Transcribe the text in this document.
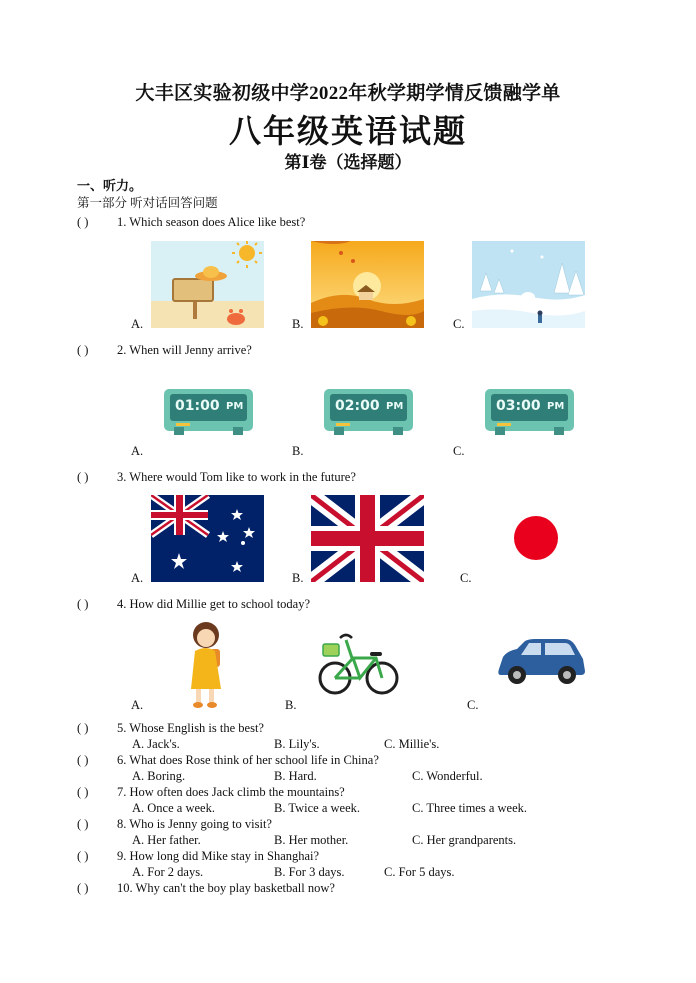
大丰区实验初级中学2022年秋学期学情反馈融学单
八年级英语试题
第Ⅰ卷（选择题）
一、听力。
第一部分 听对话回答问题
( ) 1. Which season does Alice like best?
A.	B.	C.
( ) 2. When will Jenny arrive?
01:00 PM	02:00 PM	03:00 PM
A.	B.	C.
( ) 3. Where would Tom like to work in the future?
A.	B.	C.
( ) 4. How did Millie get to school today?
A.	B.	C.
( ) 5. Whose English is the best?
A. Jack's.	B. Lily's.	C. Millie's.
( ) 6. What does Rose think of her school life in China?
A. Boring.	B. Hard.	C. Wonderful.
( ) 7. How often does Jack climb the mountains?
A. Once a week.	B. Twice a week.	C. Three times a week.
( ) 8. Who is Jenny going to visit?
A. Her father.	B. Her mother.	C. Her grandparents.
( ) 9. How long did Mike stay in Shanghai?
A. For 2 days.	B. For 3 days.	C. For 5 days.
( ) 10. Why can't the boy play basketball now?
